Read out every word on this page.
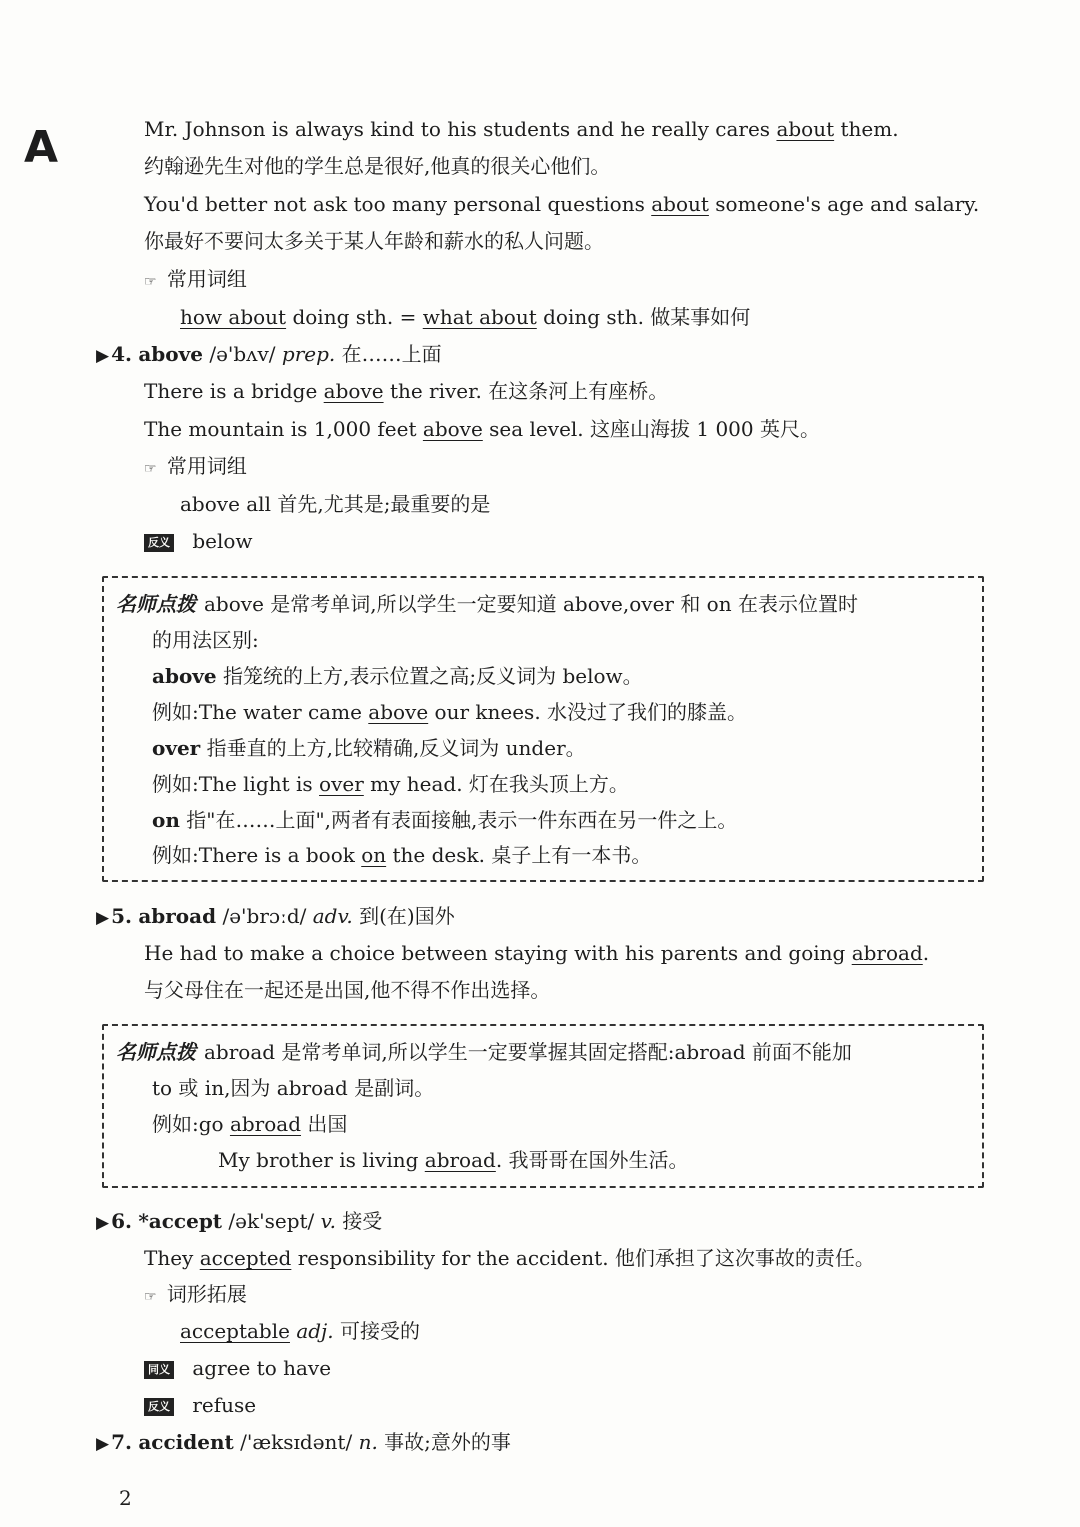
A	Mr. Johnson is always kind to his students and he really cares about them.
约翰逊先生对他的学生总是很好,他真的很关心他们。
You'd better not ask too many personal questions about someone's age and salary.
你最好不要问太多关于某人年龄和薪水的私人问题。
☞ 常用词组
how about doing sth. = what about doing sth. 做某事如何
▶ 4. above /ə'bʌv/ prep. 在……上面
There is a bridge above the river. 在这条河上有座桥。
The mountain is 1,000 feet above sea level. 这座山海拔 1 000 英尺。
☞ 常用词组
above all 首先,尤其是;最重要的是
反义 below
名师点拨 above 是常考单词,所以学生一定要知道 above,over 和 on 在表示位置时
的用法区别:
above 指笼统的上方,表示位置之高;反义词为 below。
例如:The water came above our knees. 水没过了我们的膝盖。
over 指垂直的上方,比较精确,反义词为 under。
例如:The light is over my head. 灯在我头顶上方。
on 指"在……上面",两者有表面接触,表示一件东西在另一件之上。
例如:There is a book on the desk. 桌子上有一本书。
▶ 5. abroad /ə'brɔːd/ adv. 到(在)国外
He had to make a choice between staying with his parents and going abroad.
与父母住在一起还是出国,他不得不作出选择。
名师点拨 abroad 是常考单词,所以学生一定要掌握其固定搭配:abroad 前面不能加
to 或 in,因为 abroad 是副词。
例如:go abroad 出国
My brother is living abroad. 我哥哥在国外生活。
▶ 6. *accept /ək'sept/ v. 接受
They accepted responsibility for the accident. 他们承担了这次事故的责任。
☞ 词形拓展
acceptable adj. 可接受的
同义 agree to have
反义 refuse
▶ 7. accident /'æksɪdənt/ n. 事故;意外的事
2
